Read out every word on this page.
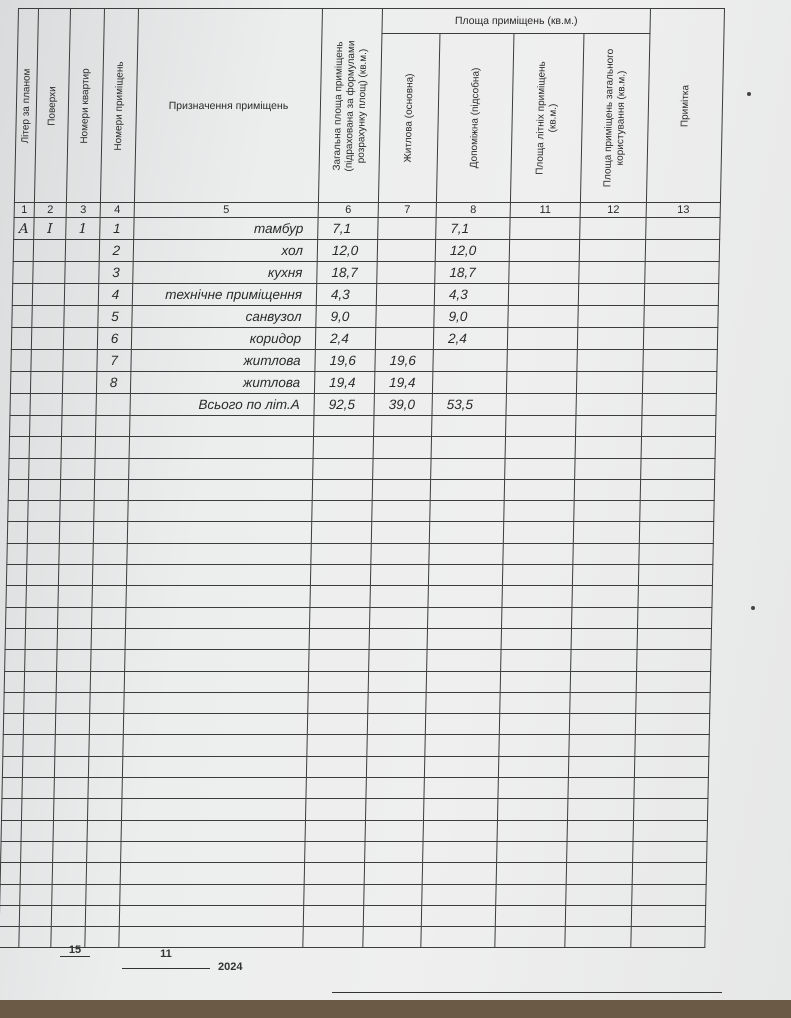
Літер за планом	Поверхи	Номери квартир	Номери приміщень	Призначення приміщень	Загальна площа приміщень (підрахована за формулами розрахунку площ) (кв.м.)	Площа приміщень (кв.м.)				Примітка

						Житлова (основна)	Допоміжна (підсобна)	Площа літніх приміщень (кв.м.)	Площа приміщень загального користування (кв.м.)	

1	2	3	4	5	6	7	8	11	12	13
А	І	1	1	тамбур	7,1		7,1			
			2	хол	12,0		12,0			
			3	кухня	18,7		18,7			
			4	технічне приміщення	4,3		4,3			
			5	санвузол	9,0		9,0			
			6	коридор	2,4		2,4			
			7	житлова	19,6	19,6				
			8	житлова	19,4	19,4				
				Всього по літ.А	92,5	39,0	53,5			

15	11
2024
